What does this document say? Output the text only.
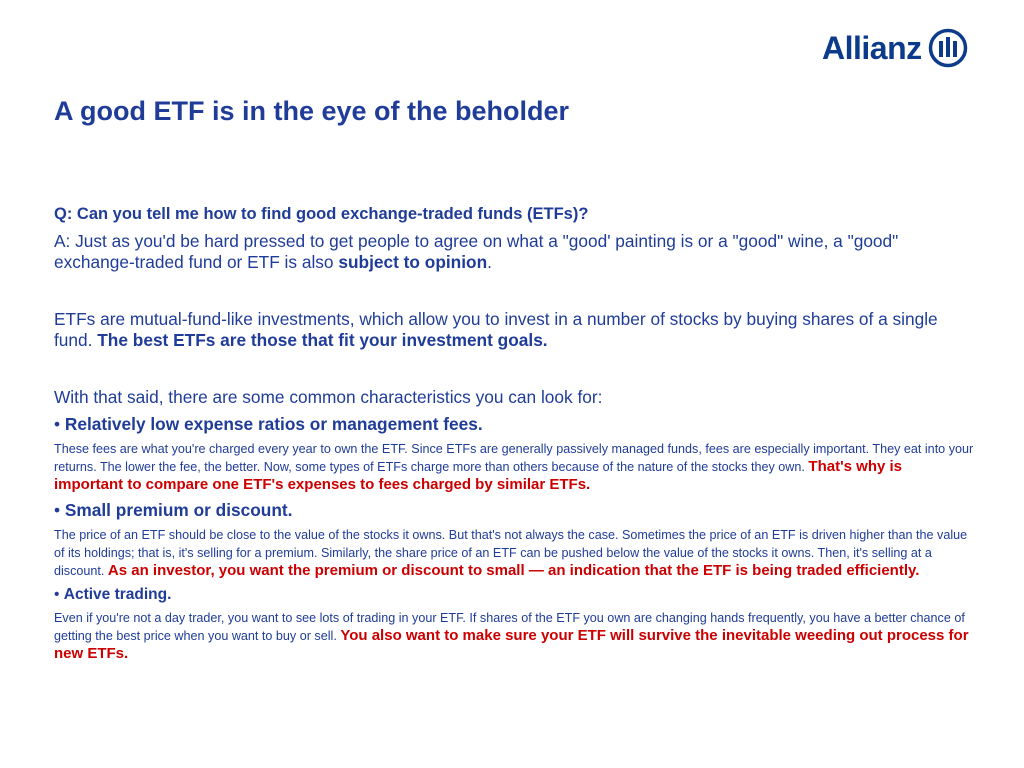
Allianz
A good ETF is in the eye of the beholder

Q: Can you tell me how to find good exchange-traded funds (ETFs)?

A: Just as you'd be hard pressed to get people to agree on what a "good' painting is or a "good" wine, a "good" exchange-traded fund or ETF is also subject to opinion.

ETFs are mutual-fund-like investments, which allow you to invest in a number of stocks by buying shares of a single fund. The best ETFs are those that fit your investment goals.

With that said, there are some common characteristics you can look for:

• Relatively low expense ratios or management fees.

These fees are what you're charged every year to own the ETF. Since ETFs are generally passively managed funds, fees are especially important. They eat into your returns. The lower the fee, the better. Now, some types of ETFs charge more than others because of the nature of the stocks they own. That's why is important to compare one ETF's expenses to fees charged by similar ETFs.

• Small premium or discount.

The price of an ETF should be close to the value of the stocks it owns. But that's not always the case. Sometimes the price of an ETF is driven higher than the value of its holdings; that is, it's selling for a premium. Similarly, the share price of an ETF can be pushed below the value of the stocks it owns. Then, it's selling at a discount. As an investor, you want the premium or discount to small — an indication that the ETF is being traded efficiently.

• Active trading.

Even if you're not a day trader, you want to see lots of trading in your ETF. If shares of the ETF you own are changing hands frequently, you have a better chance of getting the best price when you want to buy or sell. You also want to make sure your ETF will survive the inevitable weeding out process for new ETFs.
